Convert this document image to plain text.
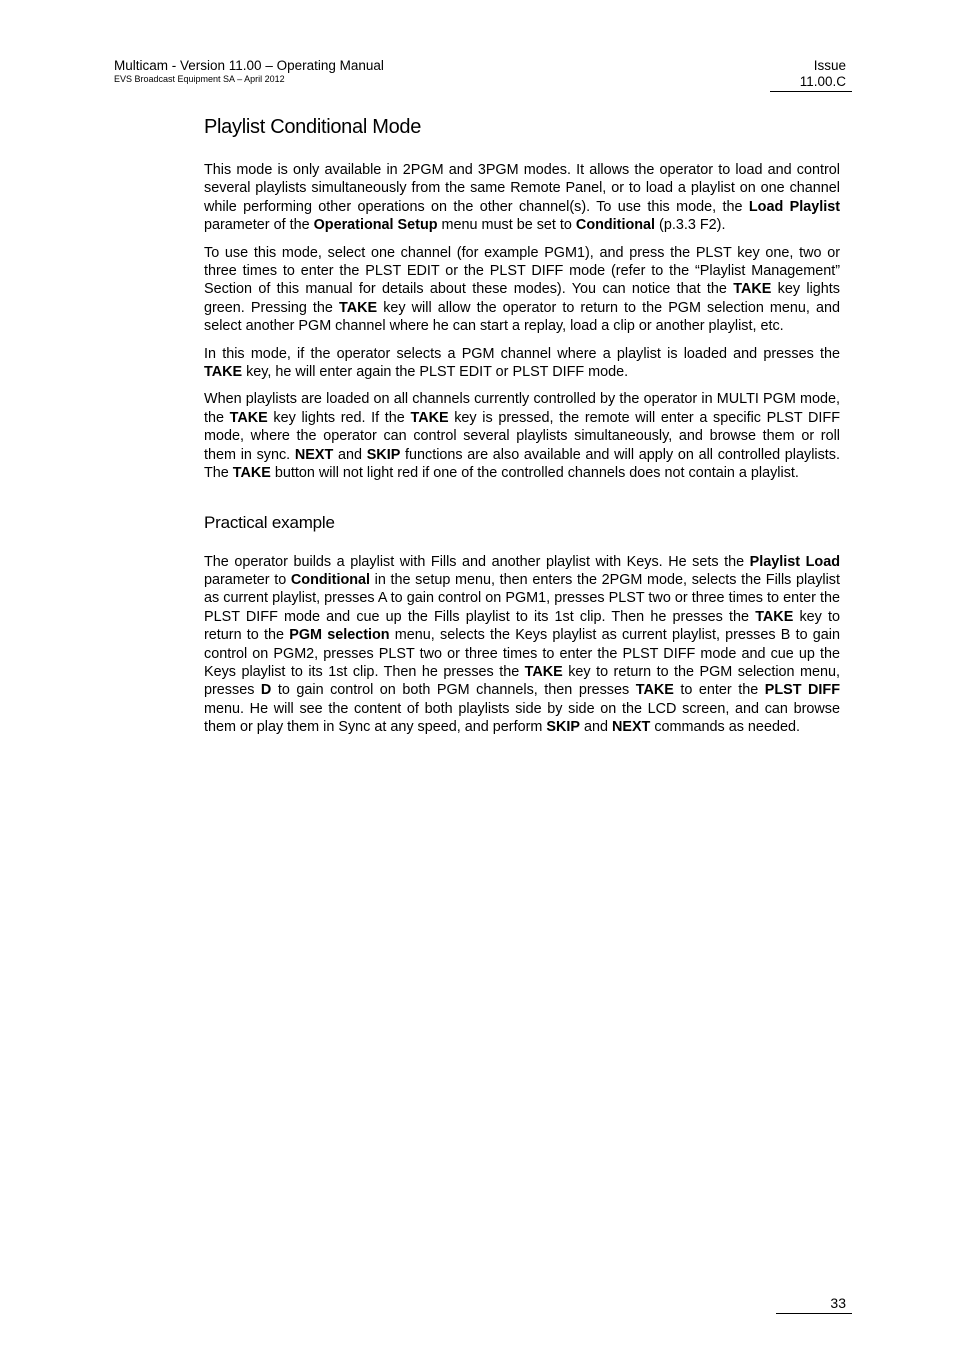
Multicam - Version 11.00 – Operating Manual
EVS Broadcast Equipment SA – April 2012
Issue
11.00.C
Playlist Conditional Mode

This mode is only available in 2PGM and 3PGM modes. It allows the operator to load and control several playlists simultaneously from the same Remote Panel, or to load a playlist on one channel while performing other operations on the other channel(s). To use this mode, the Load Playlist parameter of the Operational Setup menu must be set to Conditional (p.3.3 F2).

To use this mode, select one channel (for example PGM1), and press the PLST key one, two or three times to enter the PLST EDIT or the PLST DIFF mode (refer to the “Playlist Management” Section of this manual for details about these modes). You can notice that the TAKE key lights green. Pressing the TAKE key will allow the operator to return to the PGM selection menu, and select another PGM channel where he can start a replay, load a clip or another playlist, etc.

In this mode, if the operator selects a PGM channel where a playlist is loaded and presses the TAKE key, he will enter again the PLST EDIT or PLST DIFF mode.

When playlists are loaded on all channels currently controlled by the operator in MULTI PGM mode, the TAKE key lights red. If the TAKE key is pressed, the remote will enter a specific PLST DIFF mode, where the operator can control several playlists simultaneously, and browse them or roll them in sync. NEXT and SKIP functions are also available and will apply on all controlled playlists. The TAKE button will not light red if one of the controlled channels does not contain a playlist.

Practical example

The operator builds a playlist with Fills and another playlist with Keys. He sets the Playlist Load parameter to Conditional in the setup menu, then enters the 2PGM mode, selects the Fills playlist as current playlist, presses A to gain control on PGM1, presses PLST two or three times to enter the PLST DIFF mode and cue up the Fills playlist to its 1st clip. Then he presses the TAKE key to return to the PGM selection menu, selects the Keys playlist as current playlist, presses B to gain control on PGM2, presses PLST two or three times to enter the PLST DIFF mode and cue up the Keys playlist to its 1st clip. Then he presses the TAKE key to return to the PGM selection menu, presses D to gain control on both PGM channels, then presses TAKE to enter the PLST DIFF menu. He will see the content of both playlists side by side on the LCD screen, and can browse them or play them in Sync at any speed, and perform SKIP and NEXT commands as needed.

33
